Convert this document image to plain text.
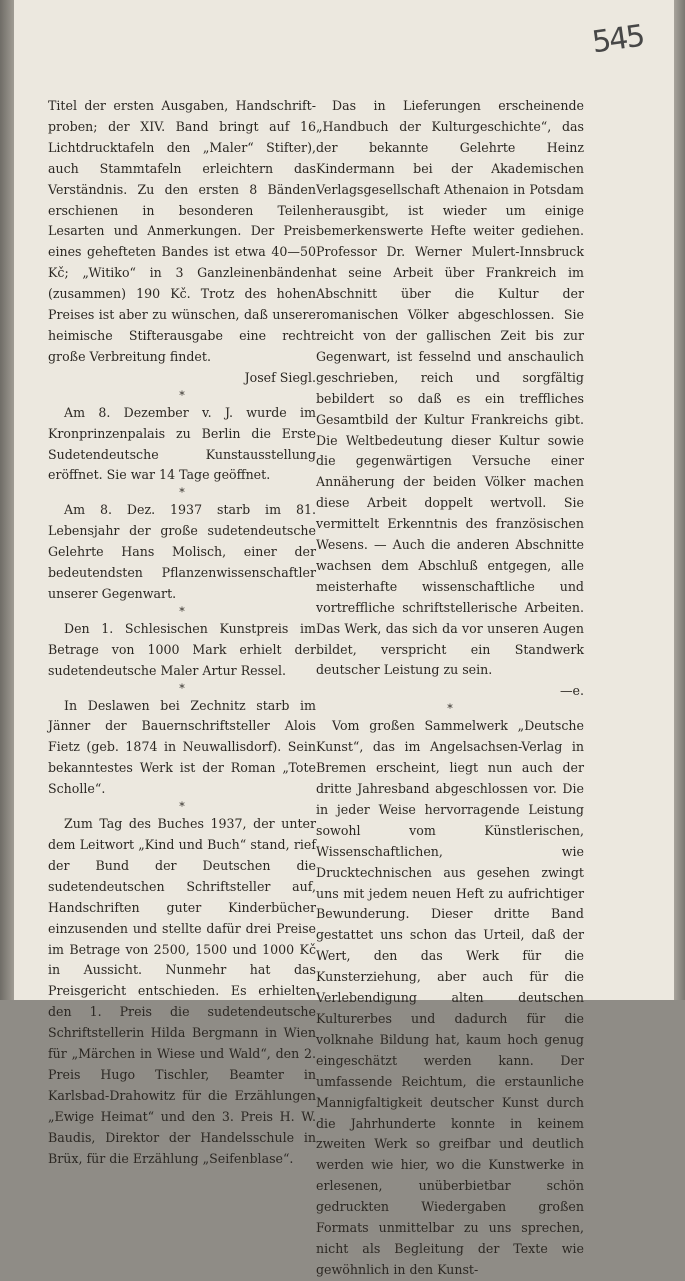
545

Titel der ersten Ausgaben, Handschrift-proben; der XIV. Band bringt auf 16 Lichtdrucktafeln den „Maler“ Stifter), auch Stammtafeln erleichtern das Verständnis. Zu den ersten 8 Bänden erschienen in besonderen Teilen Lesarten und Anmerkungen. Der Preis eines gehefteten Bandes ist etwa 40—50 Kč; „Witiko“ in 3 Ganzleinenbänden (zusammen) 190 Kč. Trotz des hohen Preises ist aber zu wünschen, daß unsere heimische Stifterausgabe eine recht große Verbreitung findet.

Josef Siegl.

*

Am 8. Dezember v. J. wurde im Kronprinzenpalais zu Berlin die Erste Sudetendeutsche Kunstausstellung eröffnet. Sie war 14 Tage geöffnet.

*

Am 8. Dez. 1937 starb im 81. Lebensjahr der große sudetendeutsche Gelehrte Hans Molisch, einer der bedeutendsten Pflanzenwissenschaftler unserer Gegenwart.

*

Den 1. Schlesischen Kunstpreis im Betrage von 1000 Mark erhielt der sudetendeutsche Maler Artur Ressel.

*

In Deslawen bei Zechnitz starb im Jänner der Bauernschriftsteller Alois Fietz (geb. 1874 in Neuwallisdorf). Sein bekanntestes Werk ist der Roman „Tote Scholle“.

*

Zum Tag des Buches 1937, der unter dem Leitwort „Kind und Buch“ stand, rief der Bund der Deutschen die sudetendeutschen Schriftsteller auf, Handschriften guter Kinderbücher einzusenden und stellte dafür drei Preise im Betrage von 2500, 1500 und 1000 Kč in Aussicht. Nunmehr hat das Preisgericht entschieden. Es erhielten den 1. Preis die sudetendeutsche Schriftstellerin Hilda Bergmann in Wien für „Märchen in Wiese und Wald“, den 2. Preis Hugo Tischler, Beamter in Karlsbad-Drahowitz für die Erzählungen „Ewige Heimat“ und den 3. Preis H. W. Baudis, Direktor der Handelsschule in Brüx, für die Erzählung „Seifenblase“.

Das in Lieferungen erscheinende „Handbuch der Kulturgeschichte“, das der bekannte Gelehrte Heinz Kindermann bei der Akademischen Verlagsgesellschaft Athenaion in Potsdam herausgibt, ist wieder um einige bemerkenswerte Hefte weiter gediehen. Professor Dr. Werner Mulert-Innsbruck hat seine Arbeit über Frankreich im Abschnitt über die Kultur der romanischen Völker abgeschlossen. Sie reicht von der gallischen Zeit bis zur Gegenwart, ist fesselnd und anschaulich geschrieben, reich und sorgfältig bebildert so daß es ein treffliches Gesamtbild der Kultur Frankreichs gibt. Die Weltbedeutung dieser Kultur sowie die gegenwärtigen Versuche einer Annäherung der beiden Völker machen diese Arbeit doppelt wertvoll. Sie vermittelt Erkenntnis des französischen Wesens. — Auch die anderen Abschnitte wachsen dem Abschluß entgegen, alle meisterhafte wissenschaftliche und vortreffliche schriftstellerische Arbeiten. Das Werk, das sich da vor unseren Augen bildet, verspricht ein Standwerk deutscher Leistung zu sein.
—e.

*

Vom großen Sammelwerk „Deutsche Kunst“, das im Angelsachsen-Verlag in Bremen erscheint, liegt nun auch der dritte Jahresband abgeschlossen vor. Die in jeder Weise hervorragende Leistung sowohl vom Künstlerischen, Wissenschaftlichen, wie Drucktechnischen aus gesehen zwingt uns mit jedem neuen Heft zu aufrichtiger Bewunderung. Dieser dritte Band gestattet uns schon das Urteil, daß der Wert, den das Werk für die Kunsterziehung, aber auch für die Verlebendigung alten deutschen Kulturerbes und dadurch für die volknahe Bildung hat, kaum hoch genug eingeschätzt werden kann. Der umfassende Reichtum, die erstaunliche Mannigfaltigkeit deutscher Kunst durch die Jahrhunderte konnte in keinem zweiten Werk so greifbar und deutlich werden wie hier, wo die Kunstwerke in erlesenen, unüberbietbar schön gedruckten Wiedergaben großen Formats unmittelbar zu uns sprechen, nicht als Begleitung der Texte wie gewöhnlich in den Kunst-
